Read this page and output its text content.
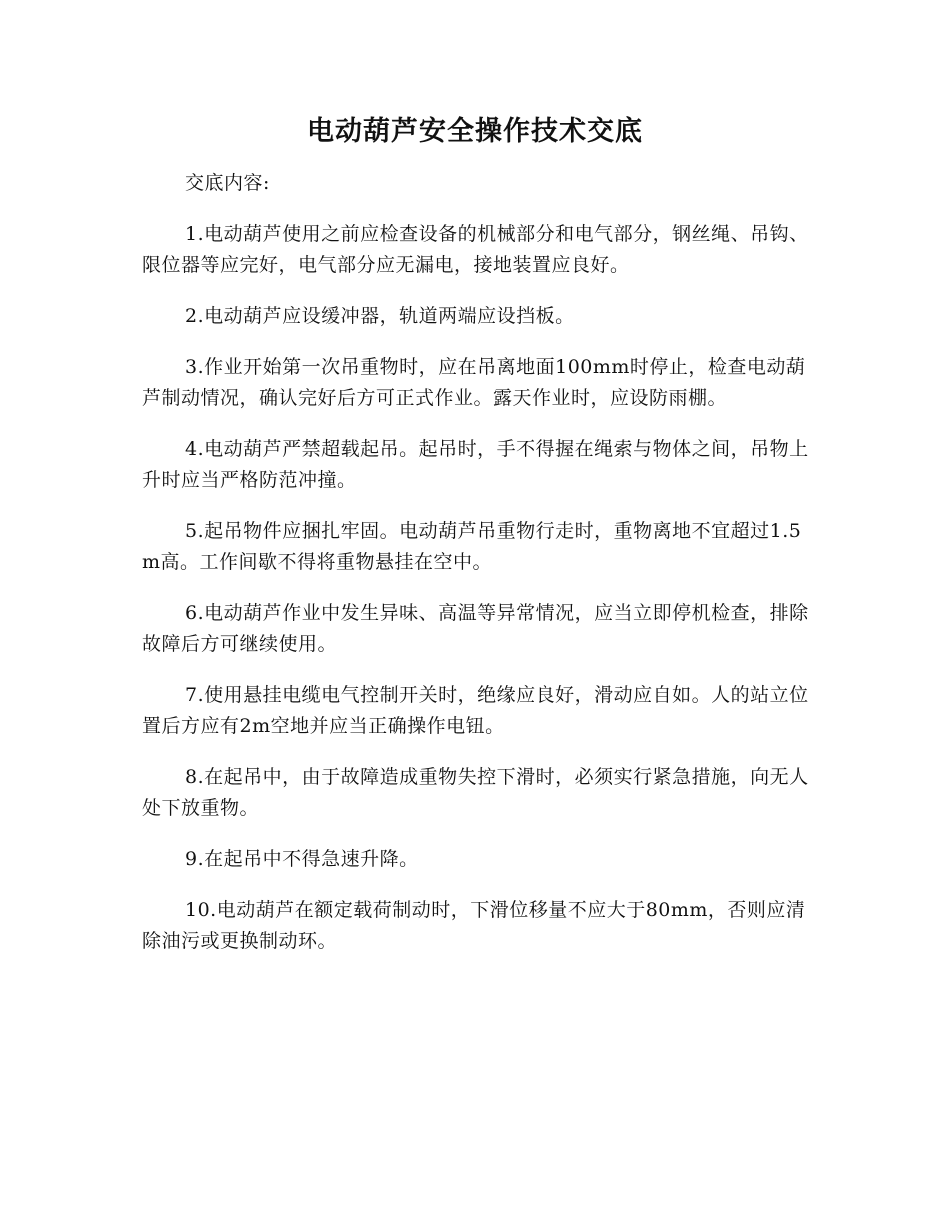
电动葫芦安全操作技术交底

交底内容:

1.电动葫芦使用之前应检查设备的机械部分和电气部分，钢丝绳、吊钩、限位器等应完好，电气部分应无漏电，接地装置应良好。

2.电动葫芦应设缓冲器，轨道两端应设挡板。

3.作业开始第一次吊重物时，应在吊离地面100mm时停止，检查电动葫芦制动情况，确认完好后方可正式作业。露天作业时，应设防雨棚。

4.电动葫芦严禁超载起吊。起吊时，手不得握在绳索与物体之间，吊物上升时应当严格防范冲撞。

5.起吊物件应捆扎牢固。电动葫芦吊重物行走时，重物离地不宜超过1.5m高。工作间歇不得将重物悬挂在空中。

6.电动葫芦作业中发生异味、高温等异常情况，应当立即停机检查，排除故障后方可继续使用。

7.使用悬挂电缆电气控制开关时，绝缘应良好，滑动应自如。人的站立位置后方应有2m空地并应当正确操作电钮。

8.在起吊中，由于故障造成重物失控下滑时，必须实行紧急措施，向无人处下放重物。

9.在起吊中不得急速升降。

10.电动葫芦在额定载荷制动时，下滑位移量不应大于80mm，否则应清除油污或更换制动环。
